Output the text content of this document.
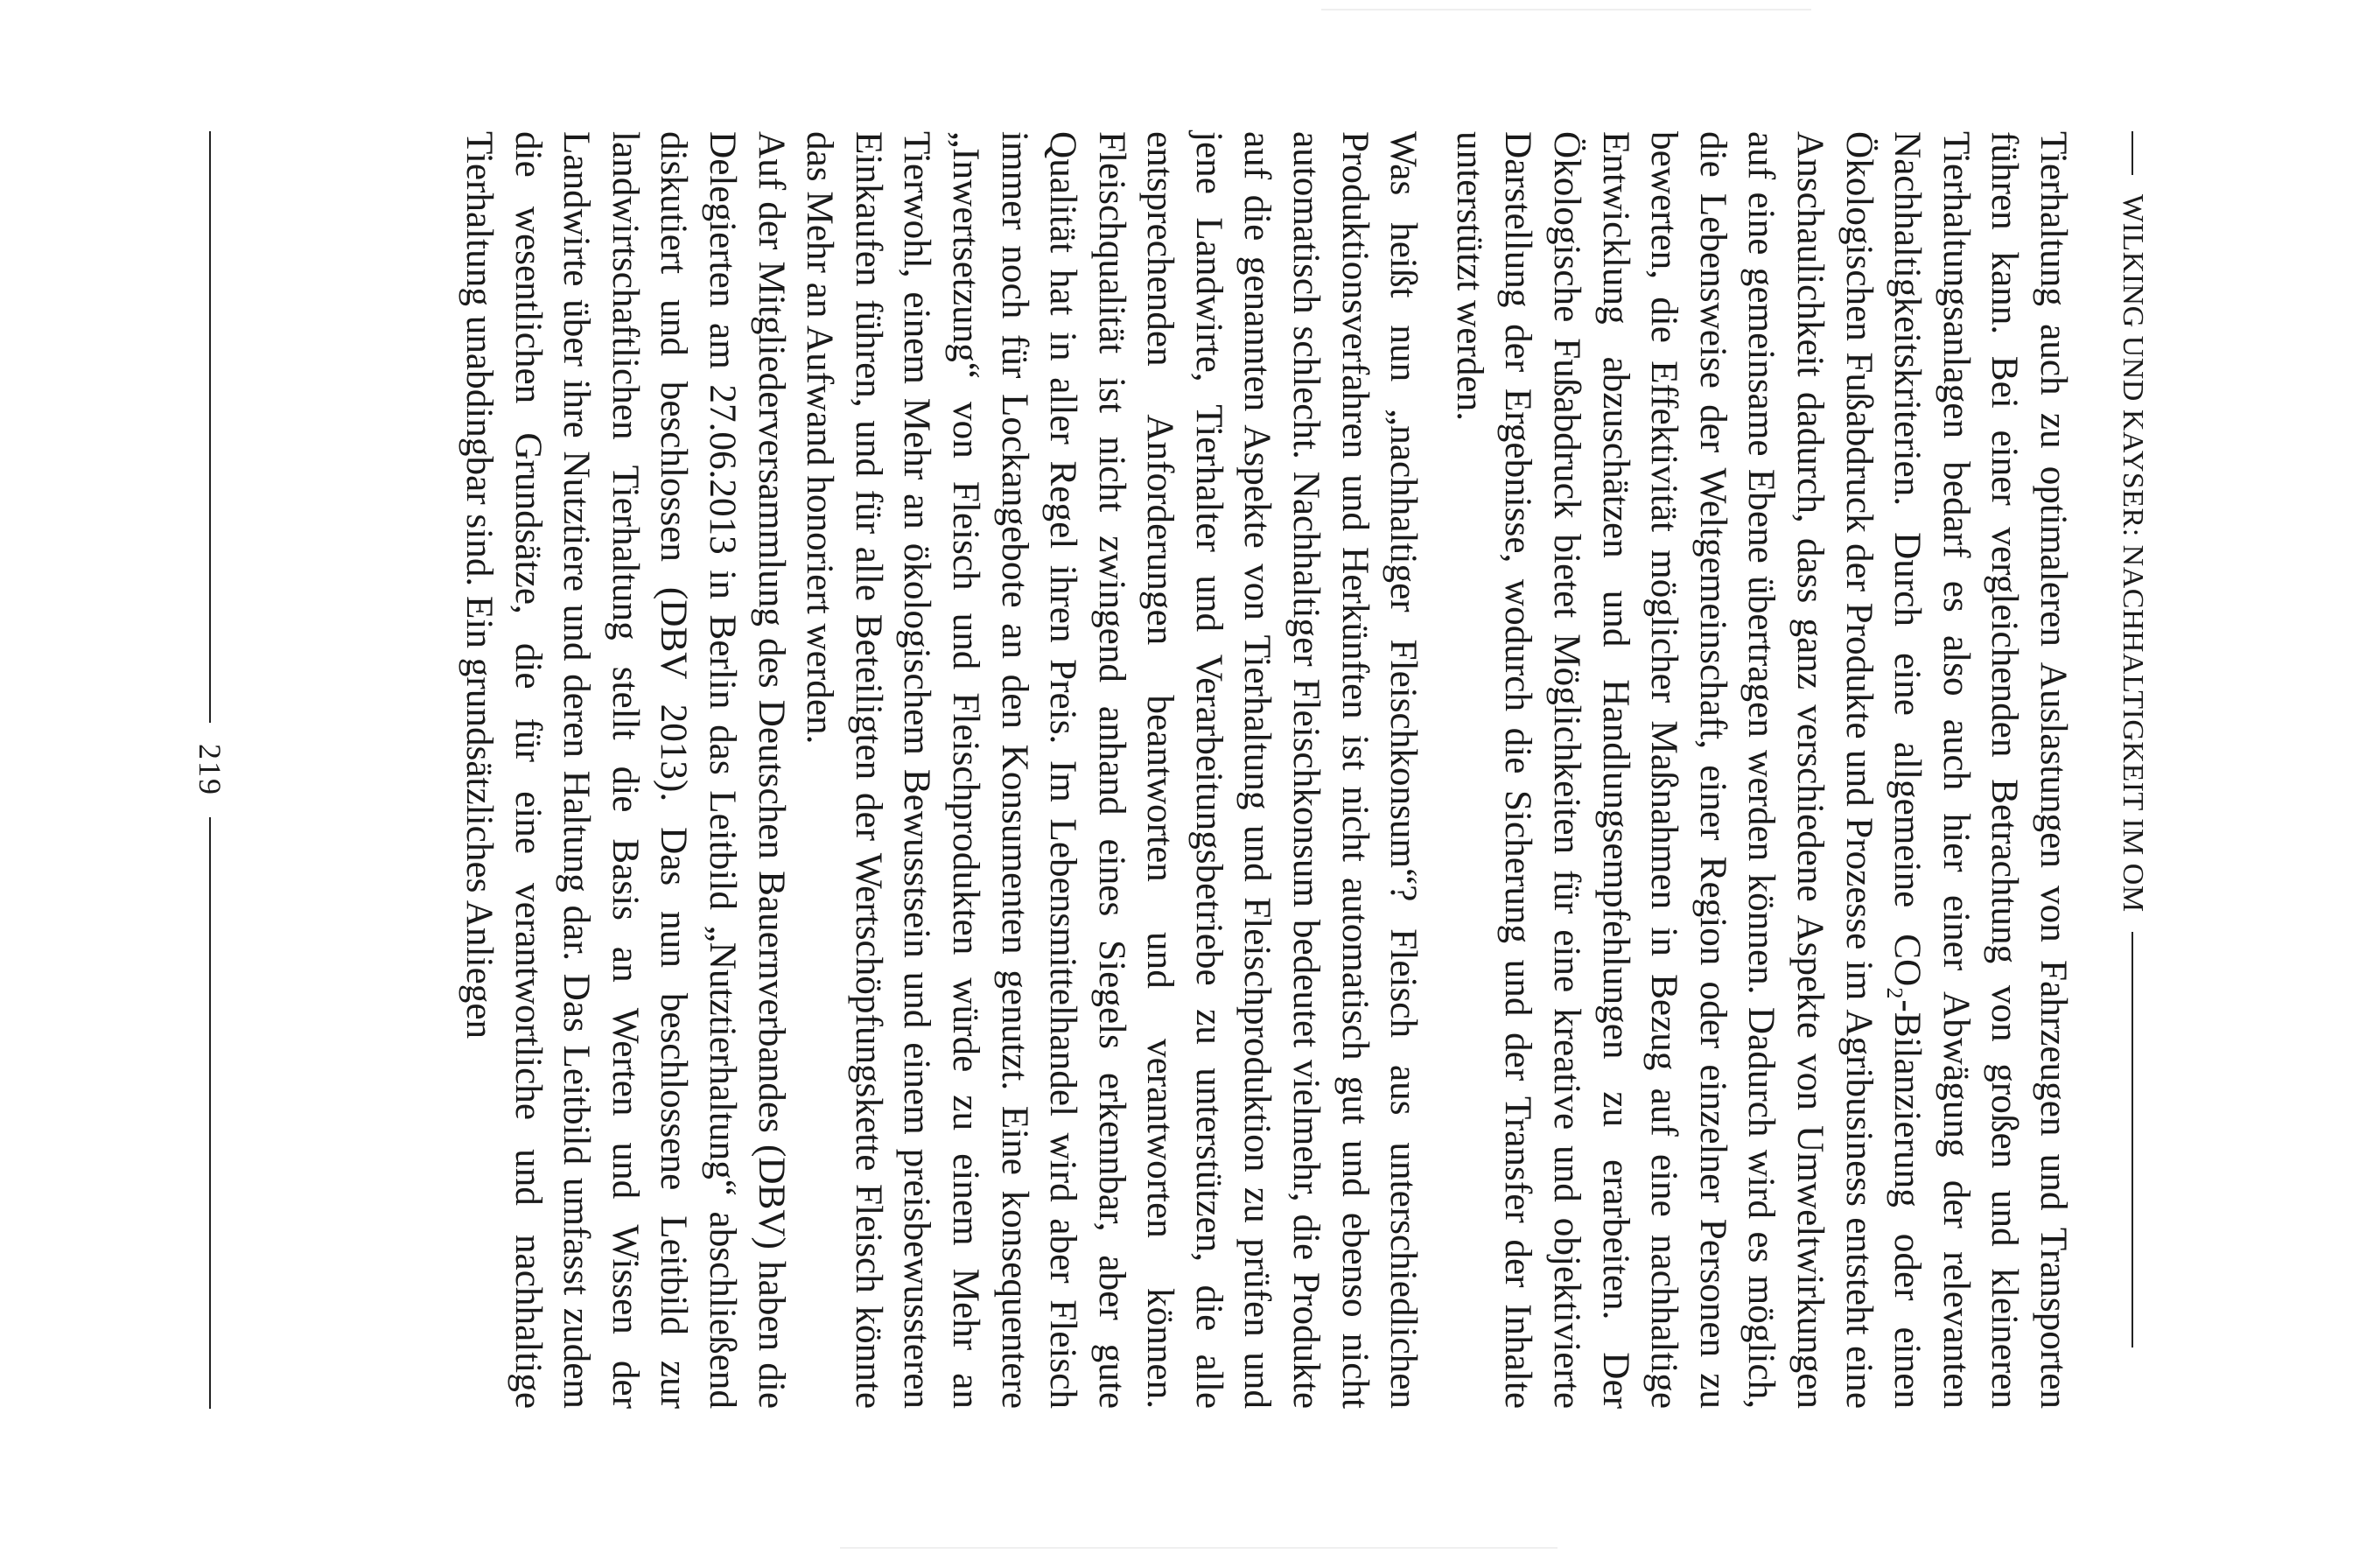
WILKING UND KAYSER: NACHHALTIGKEIT IM OM

Tierhaltung auch zu optimaleren Auslastungen von Fahrzeugen und Transporten führen kann. Bei einer vergleichenden Betrachtung von großen und kleineren Tierhaltungsanlagen bedarf es also auch hier einer Abwägung der relevanten Nachhaltigkeitskriterien. Durch eine allgemeine CO₂-Bilanzierung oder einen Ökologischen Fußabdruck der Produkte und Prozesse im Agribusiness entsteht eine Anschaulichkeit dadurch, dass ganz verschiedene Aspekte von Umweltwirkungen auf eine gemeinsame Ebene übertragen werden können. Dadurch wird es möglich, die Lebensweise der Weltgemeinschaft, einer Region oder einzelner Personen zu bewerten, die Effektivität möglicher Maßnahmen in Bezug auf eine nachhaltige Entwicklung abzuschätzen und Handlungsempfehlungen zu erarbeiten. Der Ökologische Fußabdruck bietet Möglichkeiten für eine kreative und objektivierte Darstellung der Ergebnisse, wodurch die Sicherung und der Transfer der Inhalte unterstützt werden.

Was heißt nun „nachhaltiger Fleischkonsum“? Fleisch aus unterschiedlichen Produktionsverfahren und Herkünften ist nicht automatisch gut und ebenso nicht automatisch schlecht. Nachhaltiger Fleischkonsum bedeutet vielmehr, die Produkte auf die genannten Aspekte von Tierhaltung und Fleischproduktion zu prüfen und jene Landwirte, Tierhalter und Verarbeitungsbetriebe zu unterstützen, die alle entsprechenden Anforderungen beantworten und verantworten können. Fleischqualität ist nicht zwingend anhand eines Siegels erkennbar, aber gute Qualität hat in aller Regel ihren Preis. Im Lebensmittelhandel wird aber Fleisch immer noch für Lockangebote an den Konsumenten genutzt. Eine konsequentere „Inwertsetzung“ von Fleisch und Fleischprodukten würde zu einem Mehr an Tierwohl, einem Mehr an ökologischem Bewusstsein und einem preisbewussteren Einkaufen führen, und für alle Beteiligten der Wertschöpfungskette Fleisch könnte das Mehr an Aufwand honoriert werden.

Auf der Mitgliederversammlung des Deutschen Bauernverbandes (DBV) haben die Delegierten am 27.06.2013 in Berlin das Leitbild „Nutztierhaltung“ abschließend diskutiert und beschlossen (DBV 2013). Das nun beschlossene Leitbild zur landwirtschaftlichen Tierhaltung stellt die Basis an Werten und Wissen der Landwirte über ihre Nutztiere und deren Haltung dar. Das Leitbild umfasst zudem die wesentlichen Grundsätze, die für eine verantwortliche und nachhaltige Tierhaltung unabdingbar sind. Ein grundsätzliches Anliegen

219
